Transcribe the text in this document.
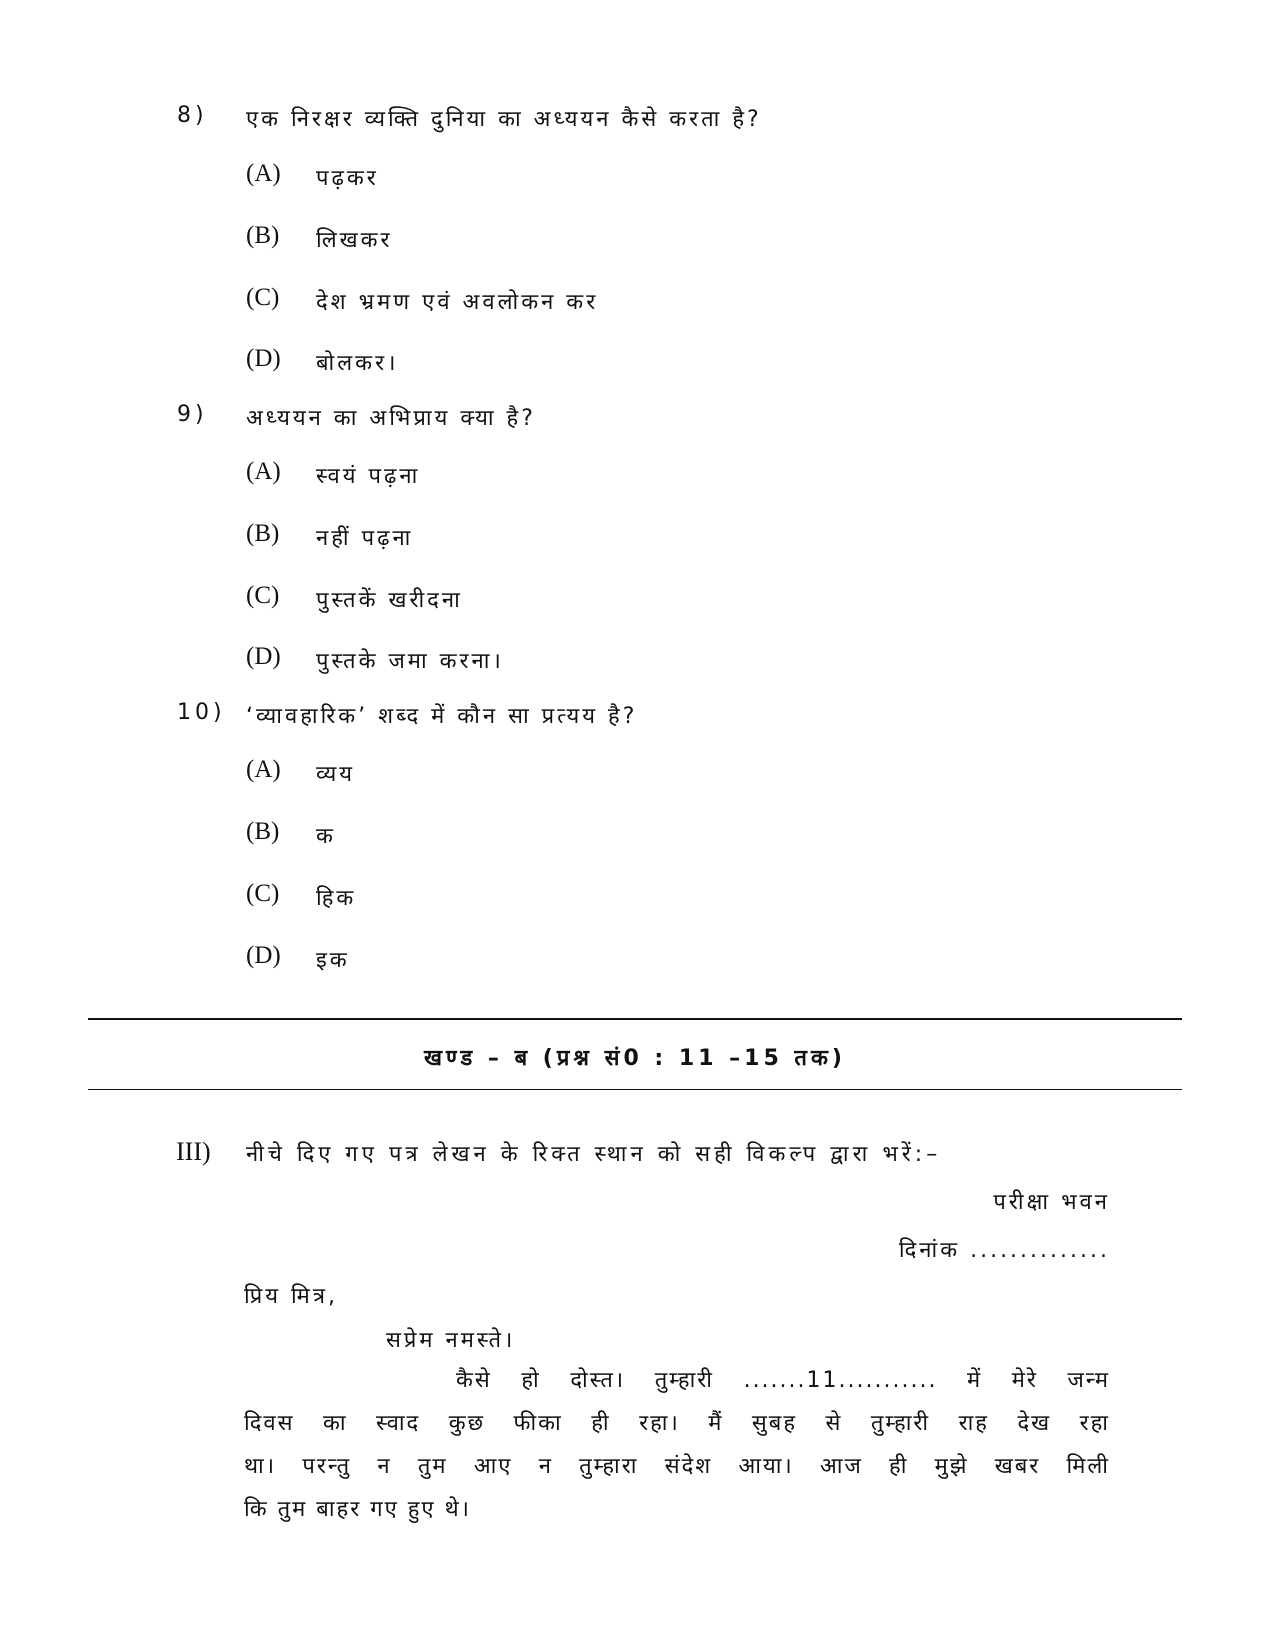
8) एक निरक्षर व्यक्ति दुनिया का अध्ययन कैसे करता है?
(A) पढ़कर
(B) लिखकर
(C) देश भ्रमण एवं अवलोकन कर
(D) बोलकर।
9) अध्ययन का अभिप्राय क्या है?
(A) स्वयं पढ़ना
(B) नहीं पढ़ना
(C) पुस्तकें खरीदना
(D) पुस्तके जमा करना।
10) ‘व्यावहारिक’ शब्द में कौन सा प्रत्यय है?
(A) व्यय
(B) क
(C) हिक
(D) इक
खण्ड – ब (प्रश्न सं0 : 11 –15 तक)
III) नीचे दिए गए पत्र लेखन के रिक्त स्थान को सही विकल्प द्वारा भरें:–
परीक्षा भवन
दिनांक ..............
प्रिय मित्र,
सप्रेम नमस्ते।
कैसे हो दोस्त। तुम्हारी .......11........... में मेरे जन्म
दिवस का स्वाद कुछ फीका ही रहा। मैं सुबह से तुम्हारी राह देख रहा
था। परन्तु न तुम आए न तुम्हारा संदेश आया। आज ही मुझे खबर मिली
कि तुम बाहर गए हुए थे।
